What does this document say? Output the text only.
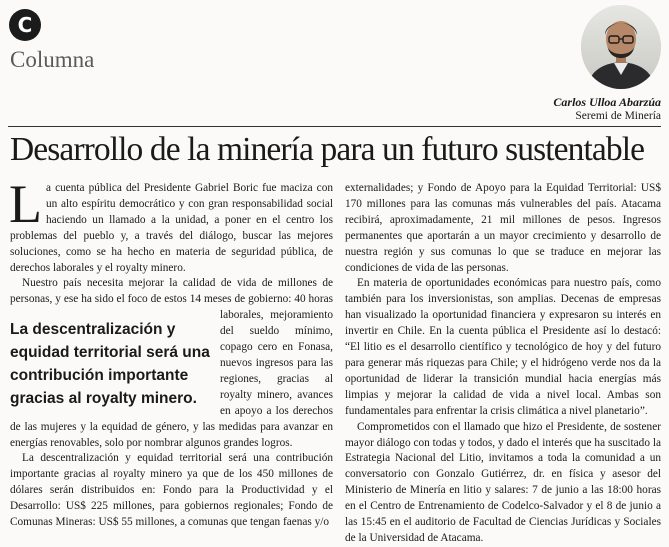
C
Columna
Carlos Ulloa Abarzúa
Seremi de Minería
Desarrollo de la minería para un futuro sustentable

La cuenta pública del Presidente Gabriel Boric fue maciza con un alto espíritu democrático y con gran responsabilidad social haciendo un llamado a la unidad, a poner en el centro los problemas del pueblo y, a través del diálogo, buscar las mejores soluciones, como se ha hecho en materia de seguridad pública, de derechos laborales y el royalty minero.

Nuestro país necesita mejorar la calidad de vida de millones de personas, y ese ha sido el foco de estos 14 meses de gobierno:
La descentralización y equidad territorial será una contribución importante gracias al royalty minero.
40 horas laborales, mejoramiento del sueldo mínimo, copago cero en Fonasa, nuevos ingresos para las regiones, gracias al royalty minero, avances en apoyo a los derechos de las mujeres y la equidad de género, y las medidas para avanzar en energías renovables, solo por nombrar algunos grandes logros.

La descentralización y equidad territorial será una contribución importante gracias al royalty minero ya que de los 450 millones de dólares serán distribuidos en: Fondo para la Productividad y el Desarrollo: US$ 225 millones, para gobiernos regionales; Fondo de Comunas Mineras: US$ 55 millones, a comunas que tengan faenas y/o

externalidades; y Fondo de Apoyo para la Equidad Territorial: US$ 170 millones para las comunas más vulnerables del país. Atacama recibirá, aproximadamente, 21 mil millones de pesos. Ingresos permanentes que aportarán a un mayor crecimiento y desarrollo de nuestra región y sus comunas lo que se traduce en mejorar las condiciones de vida de las personas.

En materia de oportunidades económicas para nuestro país, como también para los inversionistas, son amplias. Decenas de empresas han visualizado la oportunidad financiera y expresaron su interés en invertir en Chile. En la cuenta pública el Presidente así lo destacó: “El litio es el desarrollo científico y tecnológico de hoy y del futuro para generar más riquezas para Chile; y el hidrógeno verde nos da la oportunidad de liderar la transición mundial hacia energías más limpias y mejorar la calidad de vida a nivel local. Ambas son fundamentales para enfrentar la crisis climática a nivel planetario”.

Comprometidos con el llamado que hizo el Presidente, de sostener mayor diálogo con todas y todos, y dado el interés que ha suscitado la Estrategia Nacional del Litio, invitamos a toda la comunidad a un conversatorio con Gonzalo Gutiérrez, dr. en física y asesor del Ministerio de Minería en litio y salares: 7 de junio a las 18:00 horas en el Centro de Entrenamiento de Codelco-Salvador y el 8 de junio a las 15:45 en el auditorio de Facultad de Ciencias Jurídicas y Sociales de la Universidad de Atacama.
